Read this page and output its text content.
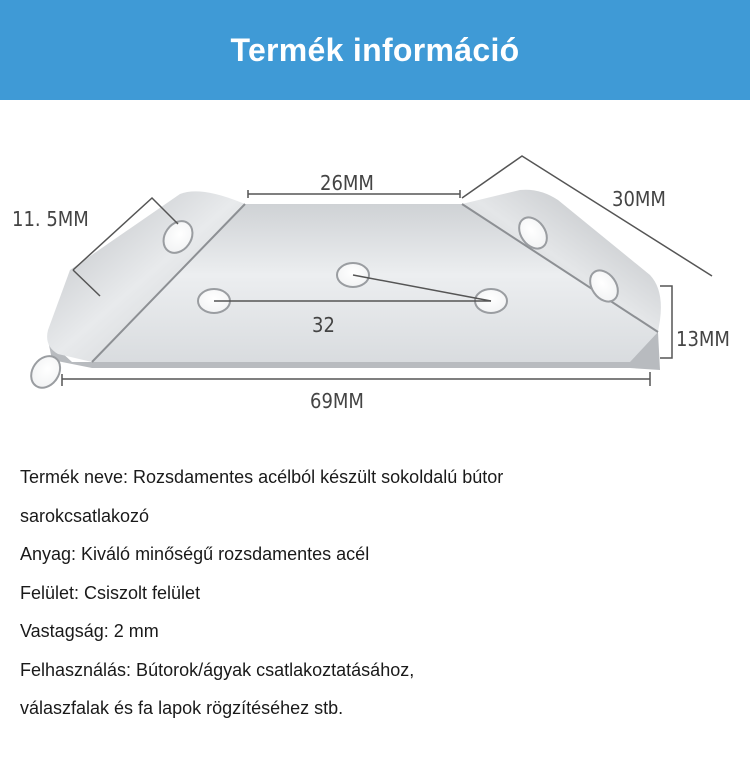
Termék információ
26MM
11. 5MM
30MM
13MM
32
69MM
Termék neve: Rozsdamentes acélból készült sokoldalú bútor
sarokcsatlakozó
Anyag: Kiváló minőségű rozsdamentes acél
Felület: Csiszolt felület
Vastagság: 2 mm
Felhasználás: Bútorok/ágyak csatlakoztatásához,
válaszfalak és fa lapok rögzítéséhez stb.
